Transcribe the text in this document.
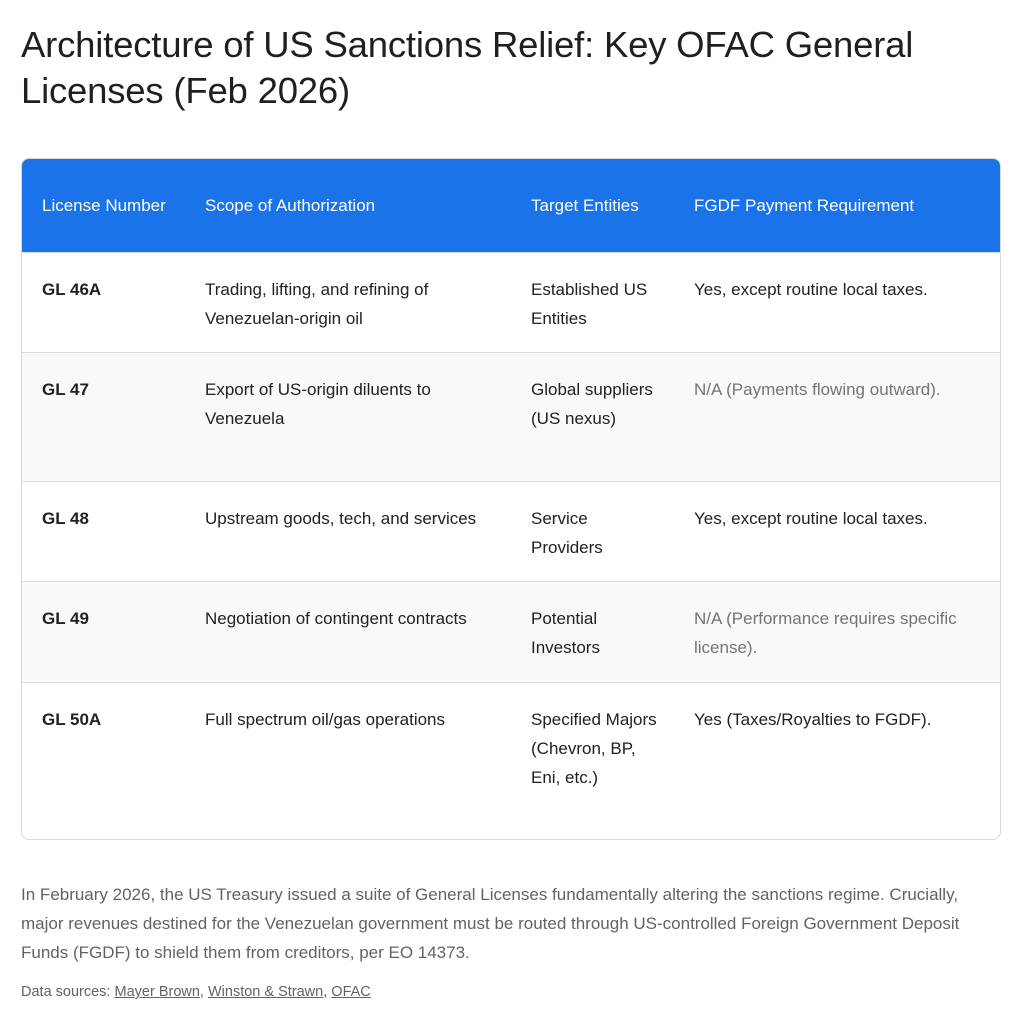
Architecture of US Sanctions Relief: Key OFAC General Licenses (Feb 2026)
License Number	Scope of Authorization	Target Entities	FGDF Payment Requirement
GL 46A	Trading, lifting, and refining of Venezuelan-origin oil	Established US Entities	Yes, except routine local taxes.
GL 47	Export of US-origin diluents to Venezuela	Global suppliers (US nexus)	N/A (Payments flowing outward).
GL 48	Upstream goods, tech, and services	Service Providers	Yes, except routine local taxes.
GL 49	Negotiation of contingent contracts	Potential Investors	N/A (Performance requires specific license).
GL 50A	Full spectrum oil/gas operations	Specified Majors (Chevron, BP, Eni, etc.)	Yes (Taxes/Royalties to FGDF).

In February 2026, the US Treasury issued a suite of General Licenses fundamentally altering the sanctions regime. Crucially, major revenues destined for the Venezuelan government must be routed through US-controlled Foreign Government Deposit Funds (FGDF) to shield them from creditors, per EO 14373.

Data sources: Mayer Brown, Winston & Strawn, OFAC
